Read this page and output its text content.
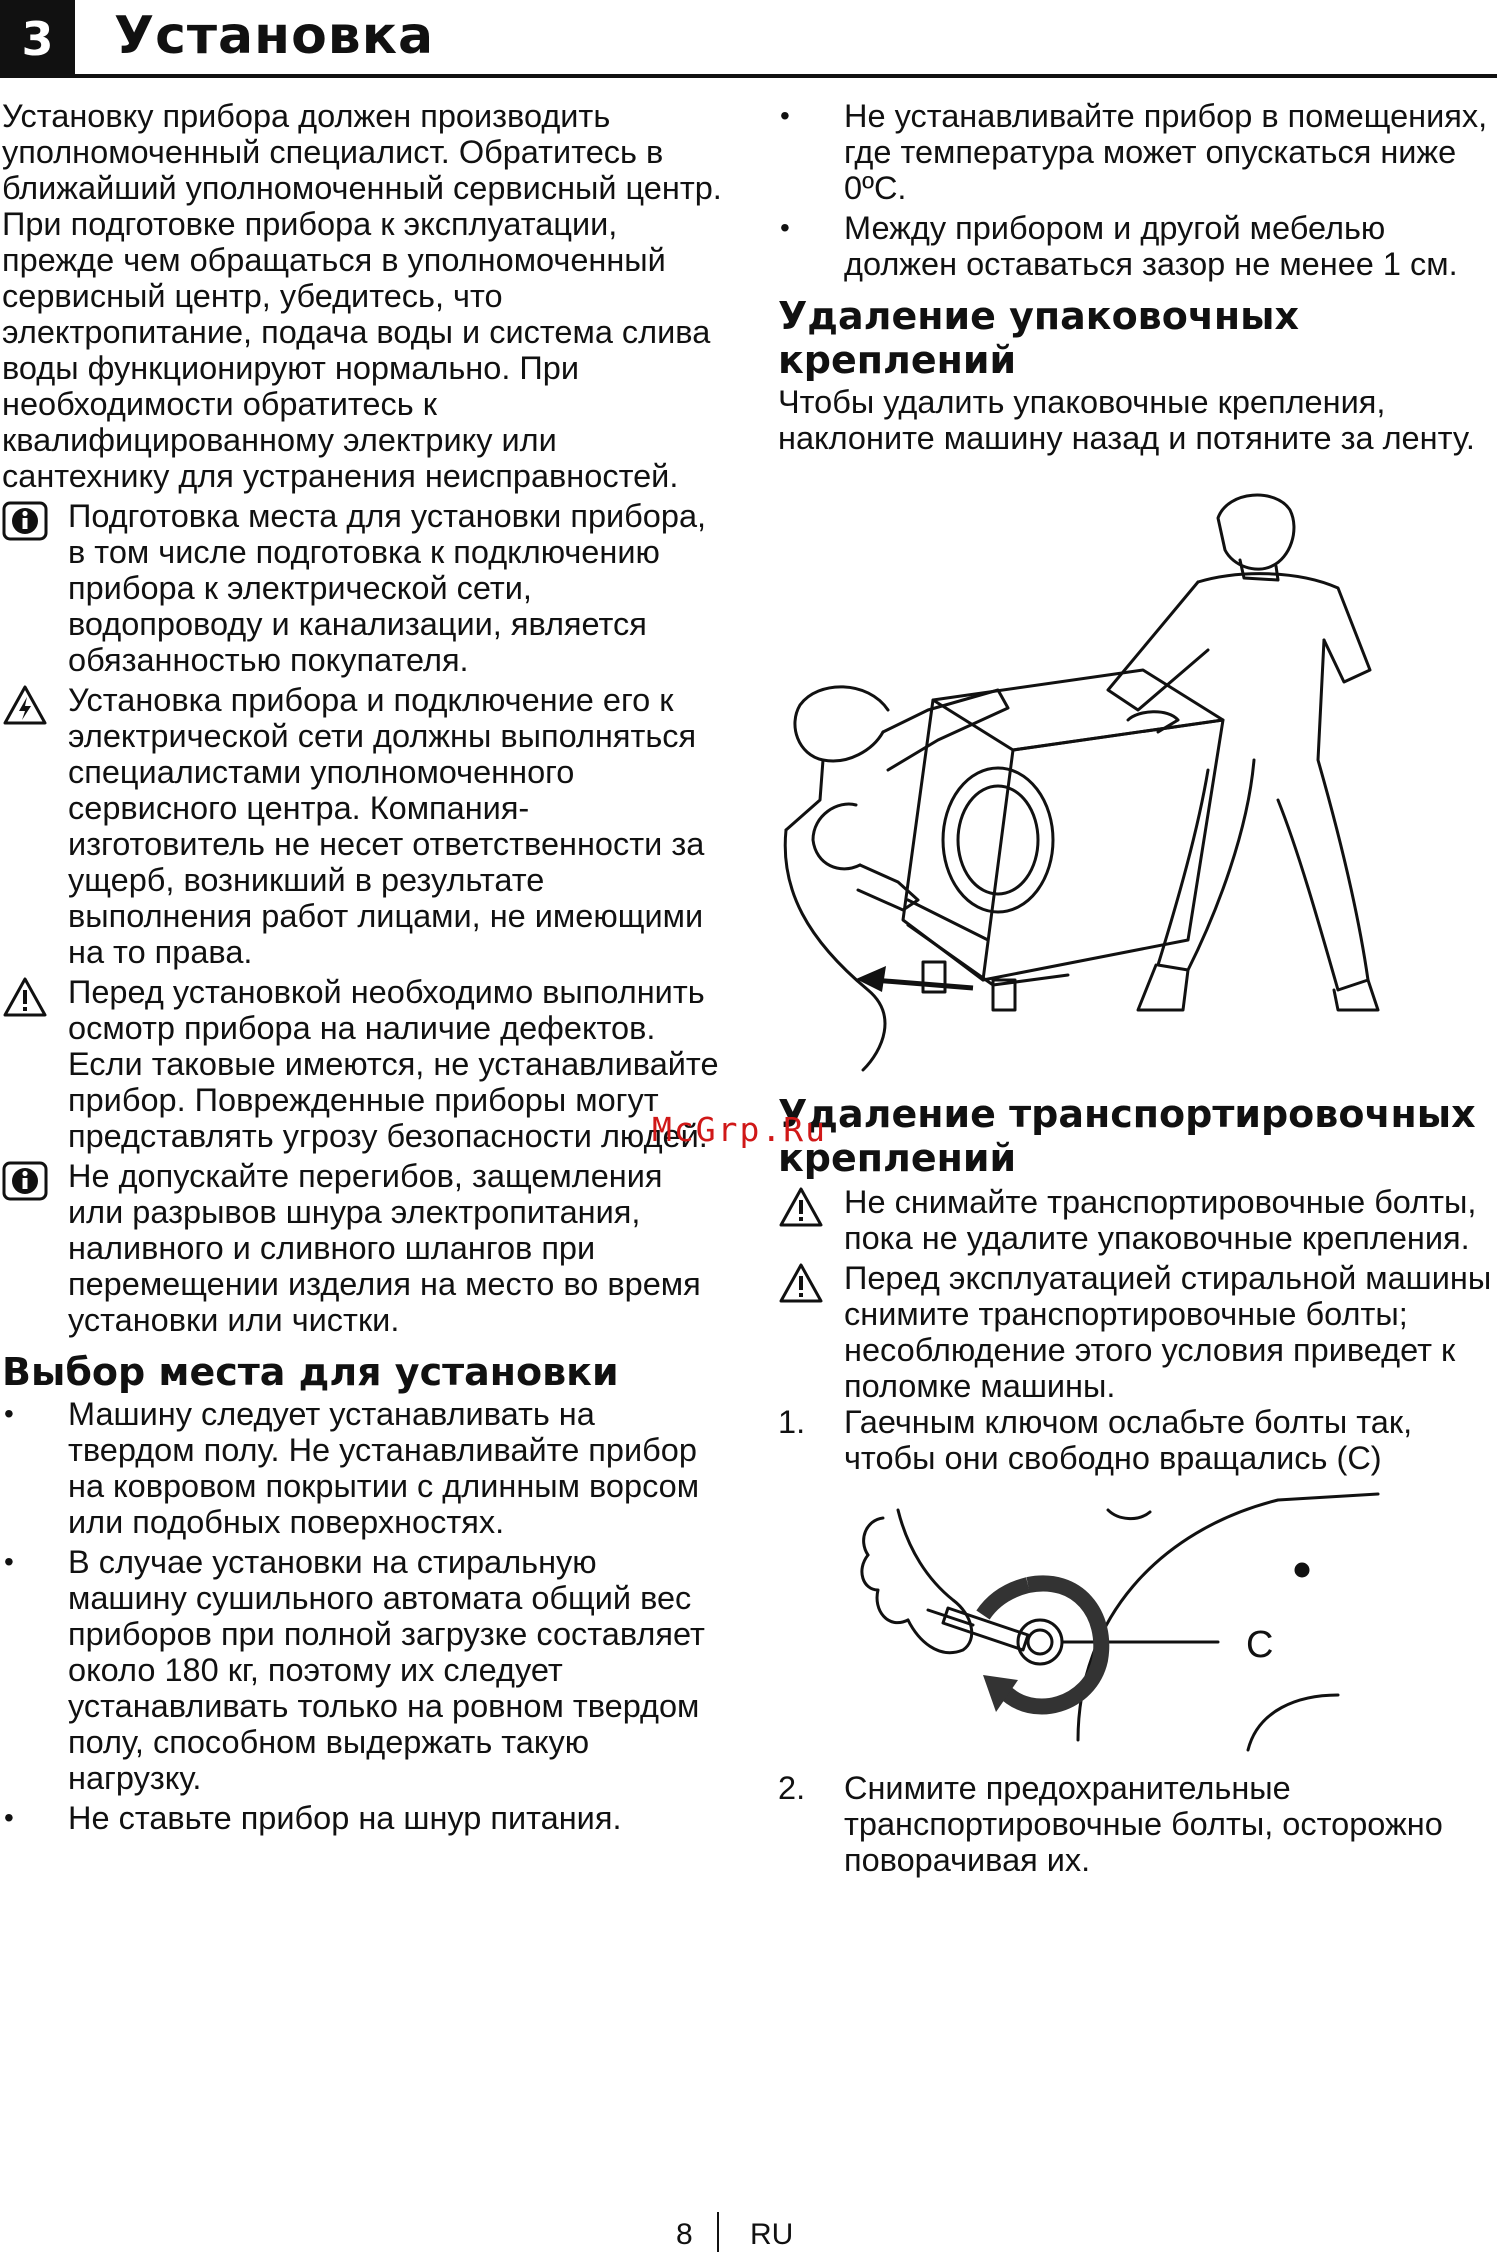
3	Установка

Установку прибора должен производить уполномоченный специалист. Обратитесь в ближайший уполномоченный сервисный центр. При подготовке прибора к эксплуатации, прежде чем обращаться в уполномоченный сервисный центр, убедитесь, что электропитание, подача воды и система слива воды функционируют нормально. При необходимости обратитесь к квалифицированному электрику или сантехнику для устранения неисправностей.

Подготовка места для установки прибора, в том числе подготовка к подключению прибора к электрической сети, водопроводу и канализации, является обязанностью покупателя.
Установка прибора и подключение его к электрической сети должны выполняться специалистами уполномоченного сервисного центра. Компания-изготовитель не несет ответственности за ущерб, возникший в результате выполнения работ лицами, не имеющими на то права.
Перед установкой необходимо выполнить осмотр прибора на наличие дефектов. Если таковые имеются, не устанавливайте прибор. Поврежденные приборы могут представлять угрозу безопасности людей.
Не допускайте перегибов, защемления или разрывов шнура электропитания, наливного и сливного шлангов при перемещении изделия на место во время установки или чистки.
Выбор места для установки
• Машину следует устанавливать на твердом полу. Не устанавливайте прибор на ковровом покрытии с длинным ворсом или подобных поверхностях.
• В случае установки на стиральную машину сушильного автомата общий вес приборов при полной загрузке составляет около 180 кг, поэтому их следует устанавливать только на ровном твердом полу, способном выдержать такую нагрузку.
• Не ставьте прибор на шнур питания.
• Не устанавливайте прибор в помещениях, где температура может опускаться ниже 0ºC.
• Между прибором и другой мебелью должен оставаться зазор не менее 1 см.
Удаление упаковочных креплений

Чтобы удалить упаковочные крепления, наклоните машину назад и потяните за ленту.

Удаление транспортировочных креплений
Не снимайте транспортировочные болты, пока не удалите упаковочные крепления.
Перед эксплуатацией стиральной машины снимите транспортировочные болты; несоблюдение этого условия приведет к поломке машины.
1. Гаечным ключом ослабьте болты так, чтобы они свободно вращались (C)
C
2. Снимите предохранительные транспортировочные болты, осторожно поворачивая их.
McGrp.Ru
8 RU
